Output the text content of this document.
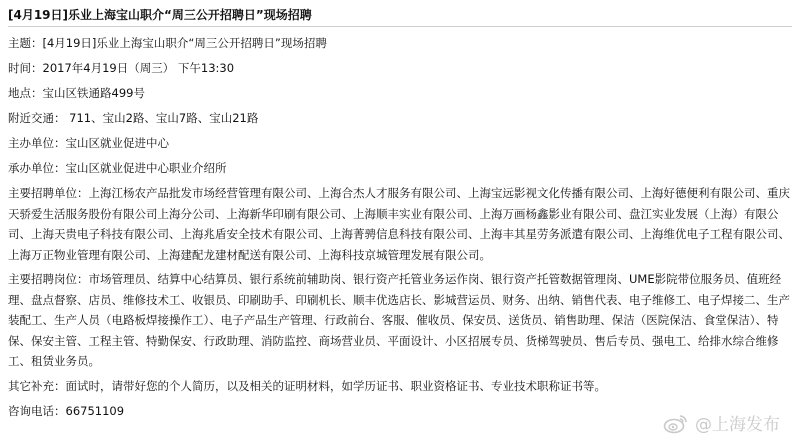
[4月19日]乐业上海宝山职介“周三公开招聘日”现场招聘
主题：[4月19日]乐业上海宝山职介“周三公开招聘日”现场招聘
时间：2017年4月19日（周三） 下午13:30
地点：宝山区铁通路499号
附近交通： 711、宝山2路、宝山7路、宝山21路
主办单位：宝山区就业促进中心
承办单位：宝山区就业促进中心职业介绍所
主要招聘单位：上海江杨农产品批发市场经营管理有限公司、上海合杰人才服务有限公司、上海宝远影视文化传播有限公司、上海好德便利有限公司、重庆天骄爱生活服务股份有限公司上海分公司、上海新华印刷有限公司、上海顺丰实业有限公司、上海万画杨鑫影业有限公司、盘江实业发展（上海）有限公司、上海天贵电子科技有限公司、上海兆盾安全技术有限公司、上海菁骋信息科技有限公司、上海丰其星劳务派遣有限公司、上海维优电子工程有限公司、上海万正物业管理有限公司、上海建配龙建材配送有限公司、上海科技京城管理发展有限公司。
主要招聘岗位：市场管理员、结算中心结算员、银行系统前辅助岗、银行资产托管业务运作岗、银行资产托管数据管理岗、UME影院带位服务员、值班经理、盘点督察、店员、维修技术工、收银员、印刷助手、印刷机长、顺丰优选店长、影城营运员、财务、出纳、销售代表、电子维修工、电子焊接二、生产装配工、生产人员（电路板焊接操作工）、电子产品生产管理、行政前台、客服、催收员、保安员、送货员、销售助理、保洁（医院保洁、食堂保洁）、特保、保安主管、工程主管、特勤保安、行政助理、消防监控、商场营业员、平面设计、小区招展专员、货梯驾驶员、售后专员、强电工、给排水综合维修工、租赁业务员。
其它补充：面试时，请带好您的个人简历，以及相关的证明材料，如学历证书、职业资格证书、专业技术职称证书等。
咨询电话：66751109
@上海发布
